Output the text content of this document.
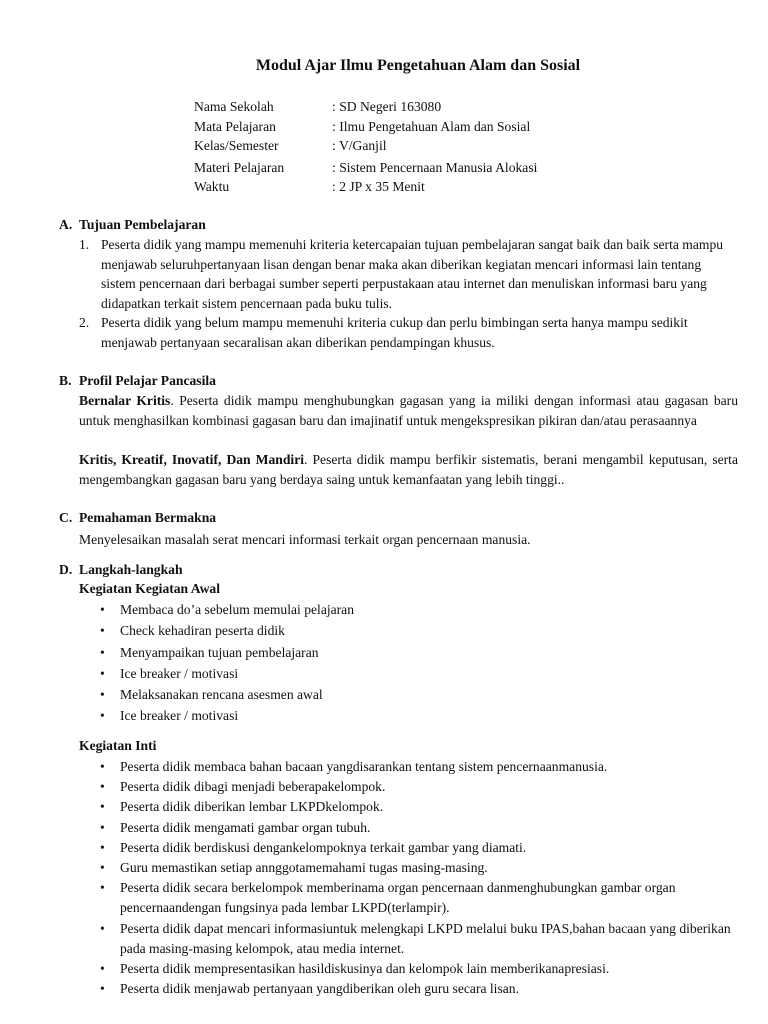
Modul Ajar Ilmu Pengetahuan Alam dan Sosial
Nama Sekolah	: SD Negeri 163080
Mata Pelajaran	: Ilmu Pengetahuan Alam dan Sosial
Kelas/Semester	: V/Ganjil
Materi Pelajaran	: Sistem Pencernaan Manusia Alokasi
Waktu	: 2 JP x 35 Menit
A. Tujuan Pembelajaran
1. Peserta didik yang mampu memenuhi kriteria ketercapaian tujuan pembelajaran sangat baik dan baik serta mampu menjawab seluruhpertanyaan lisan dengan benar maka akan diberikan kegiatan mencari informasi lain tentang sistem pencernaan dari berbagai sumber seperti perpustakaan atau internet dan menuliskan informasi baru yang didapatkan terkait sistem pencernaan pada buku tulis.
2. Peserta didik yang belum mampu memenuhi kriteria cukup dan perlu bimbingan serta hanya mampu sedikit menjawab pertanyaan secaralisan akan diberikan pendampingan khusus.
B. Profil Pelajar Pancasila
Bernalar Kritis. Peserta didik mampu menghubungkan gagasan yang ia miliki dengan informasi atau gagasan baru untuk menghasilkan kombinasi gagasan baru dan imajinatif untuk mengekspresikan pikiran dan/atau perasaannya
Kritis, Kreatif, Inovatif, Dan Mandiri. Peserta didik mampu berfikir sistematis, berani mengambil keputusan, serta mengembangkan gagasan baru yang berdaya saing untuk kemanfaatan yang lebih tinggi..
C. Pemahaman Bermakna
Menyelesaikan masalah serat mencari informasi terkait organ pencernaan manusia.
D. Langkah-langkah
Kegiatan Kegiatan Awal
• Membaca do’a sebelum memulai pelajaran
• Check kehadiran peserta didik
• Menyampaikan tujuan pembelajaran
• Ice breaker / motivasi
• Melaksanakan rencana asesmen awal
• Ice breaker / motivasi
Kegiatan Inti
• Peserta didik membaca bahan bacaan yangdisarankan tentang sistem pencernaanmanusia.
• Peserta didik dibagi menjadi beberapakelompok.
• Peserta didik diberikan lembar LKPDkelompok.
• Peserta didik mengamati gambar organ tubuh.
• Peserta didik berdiskusi denganke​lompoknya terkait gambar yang diamati.
• Guru memastikan setiap annggotamemahami tugas masing-masing.
• Peserta didik secara berkelompok memberinama organ pencernaan danmenghubungkan gambar organ pencernaandengan fungsinya pada lembar LKPD(terlampir).
• Peserta didik dapat mencari informasiuntuk melengkapi LKPD melalui buku IPAS,bahan bacaan yang diberikan pada masing-masing kelompok, atau media internet.
• Peserta didik mempresentasikan hasildiskusinya dan kelompok lain memberikanapresiasi.
• Peserta didik menjawab pertanyaan yangdiberikan oleh guru secara lisan.
